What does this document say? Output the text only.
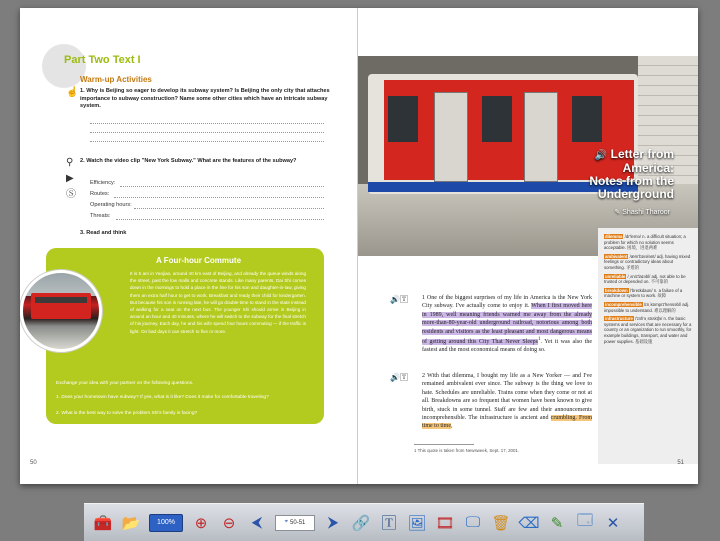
Part Two Text I
Warm-up Activities
☝ 1. Why is Beijing so eager to develop its subway system? Is Beijing the only city that attaches importance to subway construction? Name some other cities which have an intricate subway system.
⚲
▶
Ⓢ
2. Watch the video clip "New York Subway." What are the features of the subway?
Efficiency:
Routes:
Operating hours:
Threats:
3. Read and think
A Four-hour Commute
It is 5 am in Yanjiao, around 40 km east of Beijing, and already the queue winds along the street, past the low malls and concrete stands. Like many parents, Dai Shi comes down in the mornings to hold a place in the line for his son and daughter-in-law, giving them an extra half hour to get to work. Breakfast and ready their child for kindergarten. But because his son is running late, he will go double-time to stand in the state instead of walking for a seat on the next bus. The younger Shi should arrive in Beijing in around an hour and 40 minutes, where he will switch to the subway for the final stretch of his journey. Each day, he and his wife spend four hours commuting — if the traffic is light. On bad days it can stretch to five or more.
Exchange your idea with your partner on the following questions.
1. Does your hometown have subway? If yes, what is it like? Does it make for comfortable traveling?
2. What is the best way to solve the problem Shi's family is facing?
50
🔊 Letter from
America:
Notes from the
Underground
✎ Shashi Tharoor
dilemma /dr'lemə/ n. a difficult situation; a problem for which no solution seems acceptable. 困境，进退两难
ambivalent /æm'bɪvələnt/ adj. having mixed feelings or contradictory ideas about something. 矛盾的
unreliable /ˌʌnrɪ'laɪəbl/ adj. not able to be trusted or depended on. 不可靠的
breakdown /'breɪkdaʊn/ n. a failure of a machine or system to work. 故障
incomprehensible /ɪnˌkɒmprɪ'hensəbl/ adj. impossible to understand. 难以理解的
infrastructure /'ɪnfrəˌstrʌktʃə/ n. the basic systems and services that are necessary for a country or an organization to run smoothly, for example buildings, transport, and water and power supplies. 基础设施
🔊🅃 1 One of the biggest surprises of my life in America is the New York City subway. I've actually come to enjoy it. When I first moved here in 1989, well meaning friends warned me away from the already more-than-80-year-old underground railroad, notorious among both residents and visitors as the least pleasant and most dangerous means of getting around this City That Never Sleeps$^1$. Yet it was also the fastest and the most economical means of doing so.
🔊🅃 2 With that dilemma, I bought my life as a New Yorker — and I've remained ambivalent ever since. The subway is the thing we love to hate. Schedules are unreliable. Trains come when they come or not at all. Breakdowns are so frequent that women have been known to give birth, stuck in some tunnel. Staff are few and their announcements incomprehensible. The infrastructure is ancient and crumbling. From time to time,
1 This quote is taken from Newsweek, Sept. 17, 2001.
51
🧰 📂	100%	⊕	⊖	⮜	⌖ 50-51	⮞ 🔗 🅃 🖼 🎞 🖵 🗑 ⌫ ✎ 🗔 ✕
